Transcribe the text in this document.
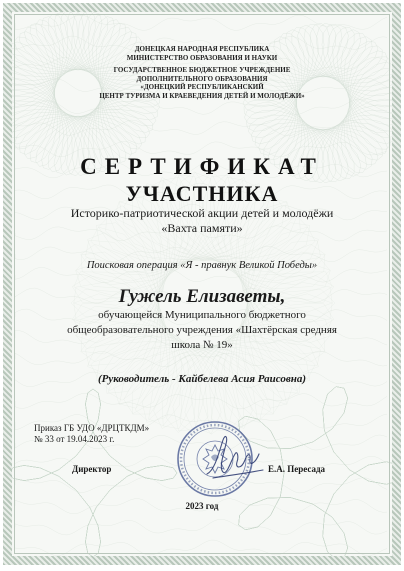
ДОНЕЦКАЯ НАРОДНАЯ РЕСПУБЛИКА
МИНИСТЕРСТВО ОБРАЗОВАНИЯ И НАУКИ
ГОСУДАРСТВЕННОЕ БЮДЖЕТНОЕ УЧРЕЖДЕНИЕ
ДОПОЛНИТЕЛЬНОГО ОБРАЗОВАНИЯ
«ДОНЕЦКИЙ РЕСПУБЛИКАНСКИЙ
ЦЕНТР ТУРИЗМА И КРАЕВЕДЕНИЯ ДЕТЕЙ И МОЛОДЁЖИ»
СЕРТИФИКАТ
УЧАСТНИКА
Историко-патриотической акции детей и молодёжи
«Вахта памяти»
Поисковая операция «Я - правнук Великой Победы»
Гужель Елизаветы,
обучающейся Муниципального бюджетного
общеобразовательного учреждения «Шахтёрская средняя
школа № 19»
(Руководитель - Кайбелева Асия Раисовна)
Приказ ГБ УДО «ДРЦТКДМ»
№ 33 от 19.04.2023 г.
Директор	Е.А. Пересада
2023 год
